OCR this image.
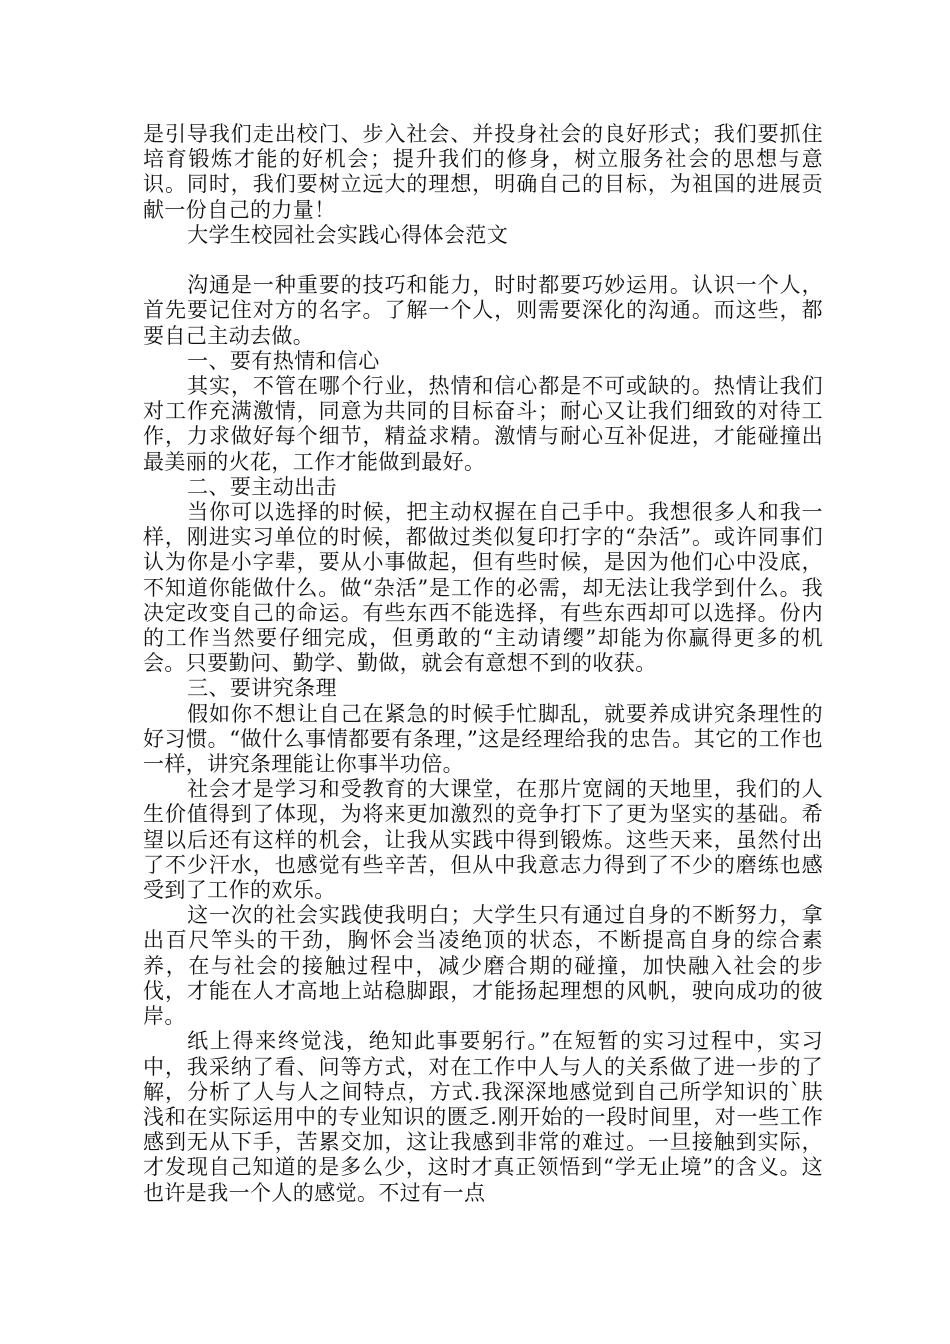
是引导我们走出校门、步入社会、并投身社会的良好形式；我们要抓住培育锻炼才能的好机会；提升我们的修身，树立服务社会的思想与意识。同时，我们要树立远大的理想，明确自己的目标，为祖国的进展贡献一份自己的力量！

大学生校园社会实践心得体会范文

沟通是一种重要的技巧和能力，时时都要巧妙运用。认识一个人，首先要记住对方的名字。了解一个人，则需要深化的沟通。而这些，都要自己主动去做。

一、要有热情和信心

其实，不管在哪个行业，热情和信心都是不可或缺的。热情让我们对工作充满激情，同意为共同的目标奋斗；耐心又让我们细致的对待工作，力求做好每个细节，精益求精。激情与耐心互补促进，才能碰撞出最美丽的火花，工作才能做到最好。

二、要主动出击

当你可以选择的时候，把主动权握在自己手中。我想很多人和我一样，刚进实习单位的时候，都做过类似复印打字的“杂活”。或许同事们认为你是小字辈，要从小事做起，但有些时候，是因为他们心中没底，不知道你能做什么。做“杂活”是工作的必需，却无法让我学到什么。我决定改变自己的命运。有些东西不能选择，有些东西却可以选择。份内的工作当然要仔细完成，但勇敢的“主动请缨”却能为你赢得更多的机会。只要勤问、勤学、勤做，就会有意想不到的收获。

三、要讲究条理

假如你不想让自己在紧急的时候手忙脚乱，就要养成讲究条理性的好习惯。“做什么事情都要有条理，”这是经理给我的忠告。其它的工作也一样，讲究条理能让你事半功倍。

社会才是学习和受教育的大课堂，在那片宽阔的天地里，我们的人生价值得到了体现，为将来更加激烈的竞争打下了更为坚实的基础。希望以后还有这样的机会，让我从实践中得到锻炼。这些天来，虽然付出了不少汗水，也感觉有些辛苦，但从中我意志力得到了不少的磨练也感受到了工作的欢乐。

这一次的社会实践使我明白；大学生只有通过自身的不断努力，拿出百尺竿头的干劲，胸怀会当凌绝顶的状态，不断提高自身的综合素养，在与社会的接触过程中，减少磨合期的碰撞，加快融入社会的步伐，才能在人才高地上站稳脚跟，才能扬起理想的风帆，驶向成功的彼岸。

纸上得来终觉浅，绝知此事要躬行。”在短暂的实习过程中，实习中，我采纳了看、问等方式，对在工作中人与人的关系做了进一步的了解，分析了人与人之间特点，方式.我深深地感觉到自己所学知识的`肤浅和在实际运用中的专业知识的匮乏.刚开始的一段时间里，对一些工作感到无从下手，苦累交加，这让我感到非常的难过。一旦接触到实际，才发现自己知道的是多么少，这时才真正领悟到“学无止境”的含义。这也许是我一个人的感觉。不过有一点
